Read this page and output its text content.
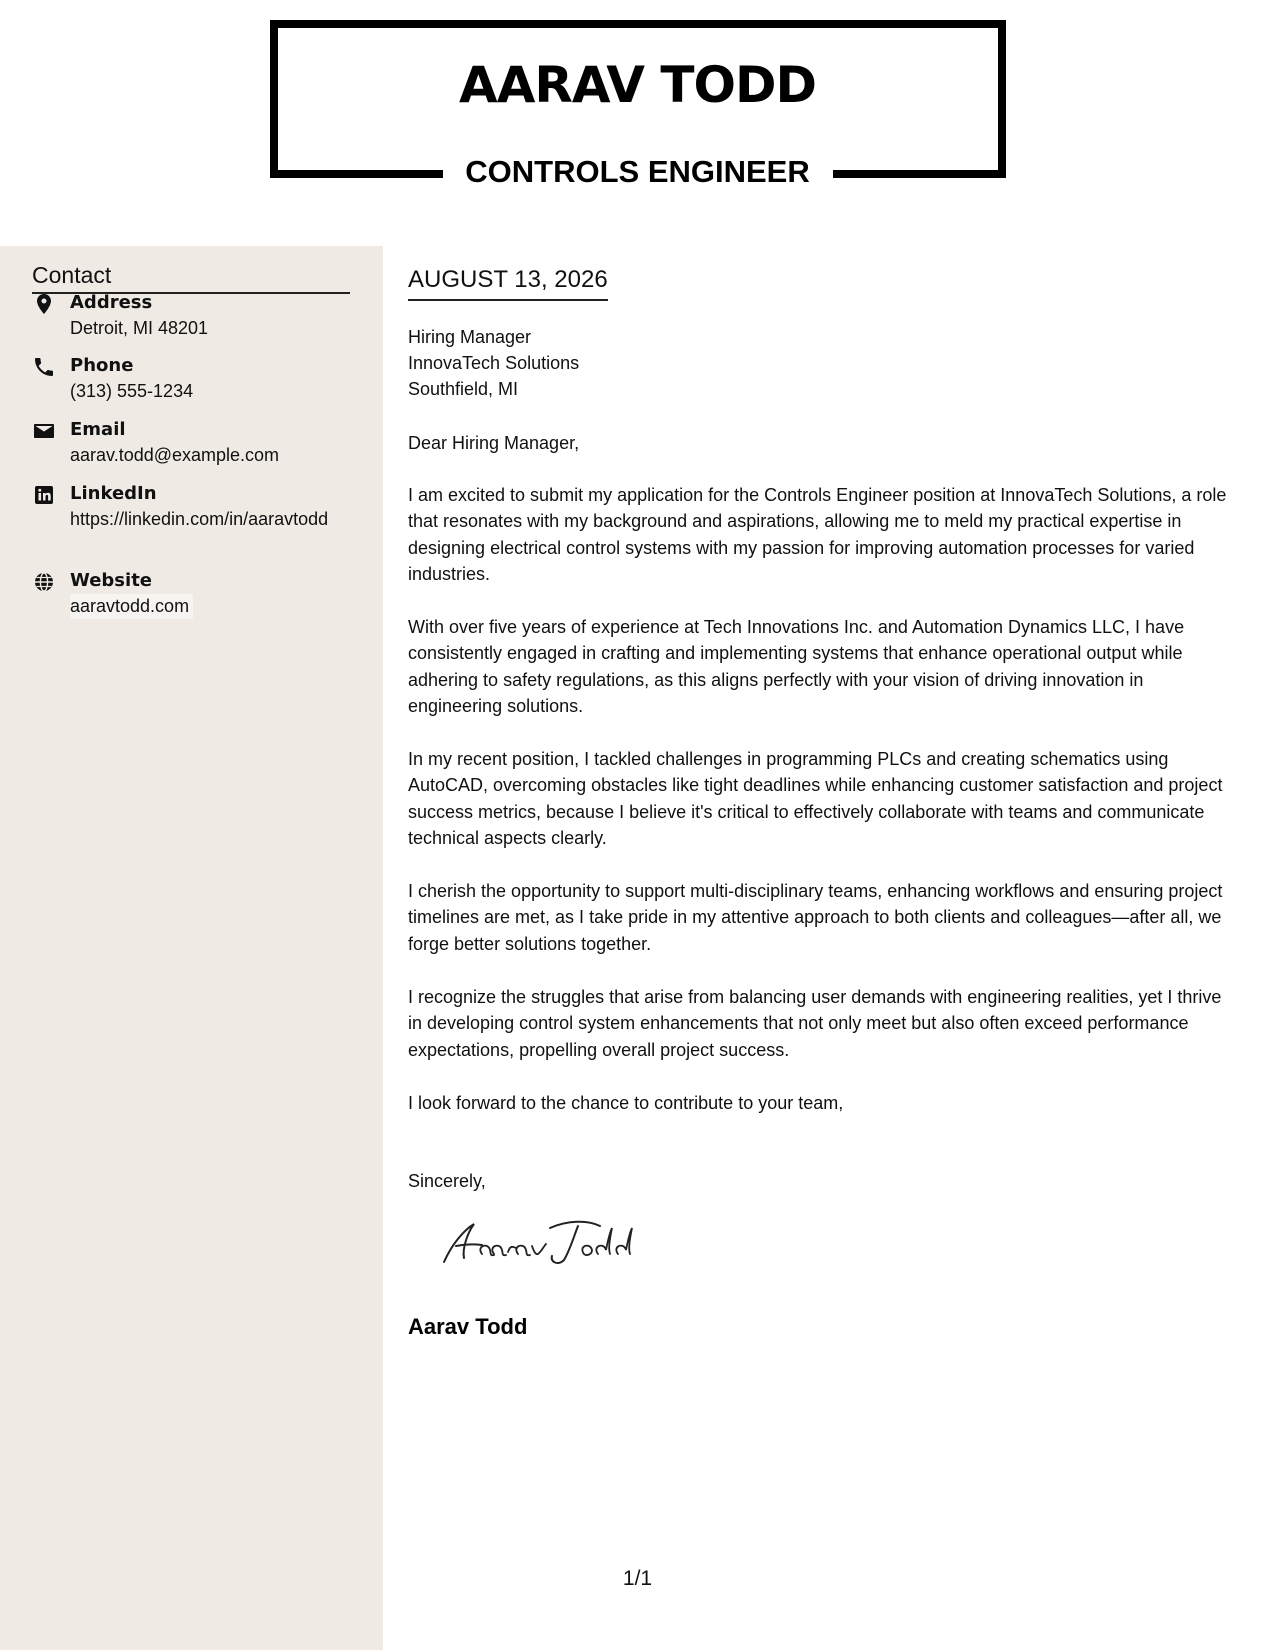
AARAV TODD
CONTROLS ENGINEER
Contact
Address
Detroit, MI 48201
Phone
(313) 555-1234
Email
aarav.todd@example.com
LinkedIn
https://linkedin.com/in/aaravtodd
Website
aaravtodd.com
AUGUST 13, 2026
Hiring Manager
InnovaTech Solutions
Southfield, MI
Dear Hiring Manager,
I am excited to submit my application for the Controls Engineer position at InnovaTech Solutions, a role that resonates with my background and aspirations, allowing me to meld my practical expertise in designing electrical control systems with my passion for improving automation processes for varied industries.
With over five years of experience at Tech Innovations Inc. and Automation Dynamics LLC, I have consistently engaged in crafting and implementing systems that enhance operational output while adhering to safety regulations, as this aligns perfectly with your vision of driving innovation in engineering solutions.
In my recent position, I tackled challenges in programming PLCs and creating schematics using AutoCAD, overcoming obstacles like tight deadlines while enhancing customer satisfaction and project success metrics, because I believe it's critical to effectively collaborate with teams and communicate technical aspects clearly.
I cherish the opportunity to support multi-disciplinary teams, enhancing workflows and ensuring project timelines are met, as I take pride in my attentive approach to both clients and colleagues—after all, we forge better solutions together.
I recognize the struggles that arise from balancing user demands with engineering realities, yet I thrive in developing control system enhancements that not only meet but also often exceed performance expectations, propelling overall project success.
I look forward to the chance to contribute to your team,
Sincerely,
Aarav Todd
1/1
